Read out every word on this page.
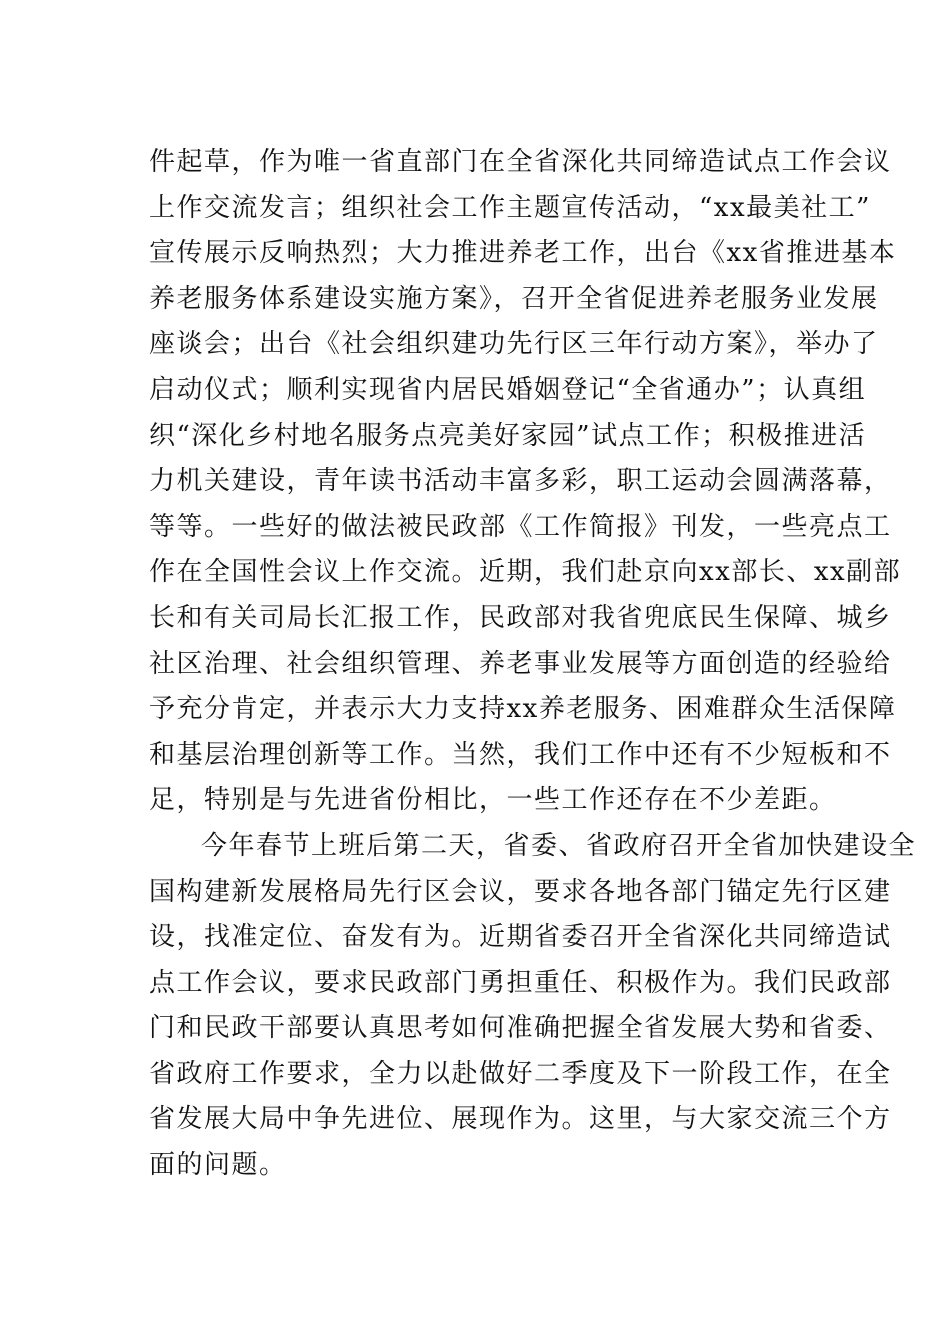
件起草，作为唯一省直部门在全省深化共同缔造试点工作会议
上作交流发言；组织社会工作主题宣传活动，“xx最美社工”
宣传展示反响热烈；大力推进养老工作，出台《xx省推进基本
养老服务体系建设实施方案》，召开全省促进养老服务业发展
座谈会；出台《社会组织建功先行区三年行动方案》，举办了
启动仪式；顺利实现省内居民婚姻登记“全省通办”；认真组
织“深化乡村地名服务点亮美好家园”试点工作；积极推进活
力机关建设，青年读书活动丰富多彩，职工运动会圆满落幕，
等等。一些好的做法被民政部《工作简报》刊发，一些亮点工
作在全国性会议上作交流。近期，我们赴京向xx部长、xx副部
长和有关司局长汇报工作，民政部对我省兜底民生保障、城乡
社区治理、社会组织管理、养老事业发展等方面创造的经验给
予充分肯定，并表示大力支持xx养老服务、困难群众生活保障
和基层治理创新等工作。当然，我们工作中还有不少短板和不
足，特别是与先进省份相比，一些工作还存在不少差距。
今年春节上班后第二天，省委、省政府召开全省加快建设全
国构建新发展格局先行区会议，要求各地各部门锚定先行区建
设，找准定位、奋发有为。近期省委召开全省深化共同缔造试
点工作会议，要求民政部门勇担重任、积极作为。我们民政部
门和民政干部要认真思考如何准确把握全省发展大势和省委、
省政府工作要求，全力以赴做好二季度及下一阶段工作，在全
省发展大局中争先进位、展现作为。这里，与大家交流三个方
面的问题。
